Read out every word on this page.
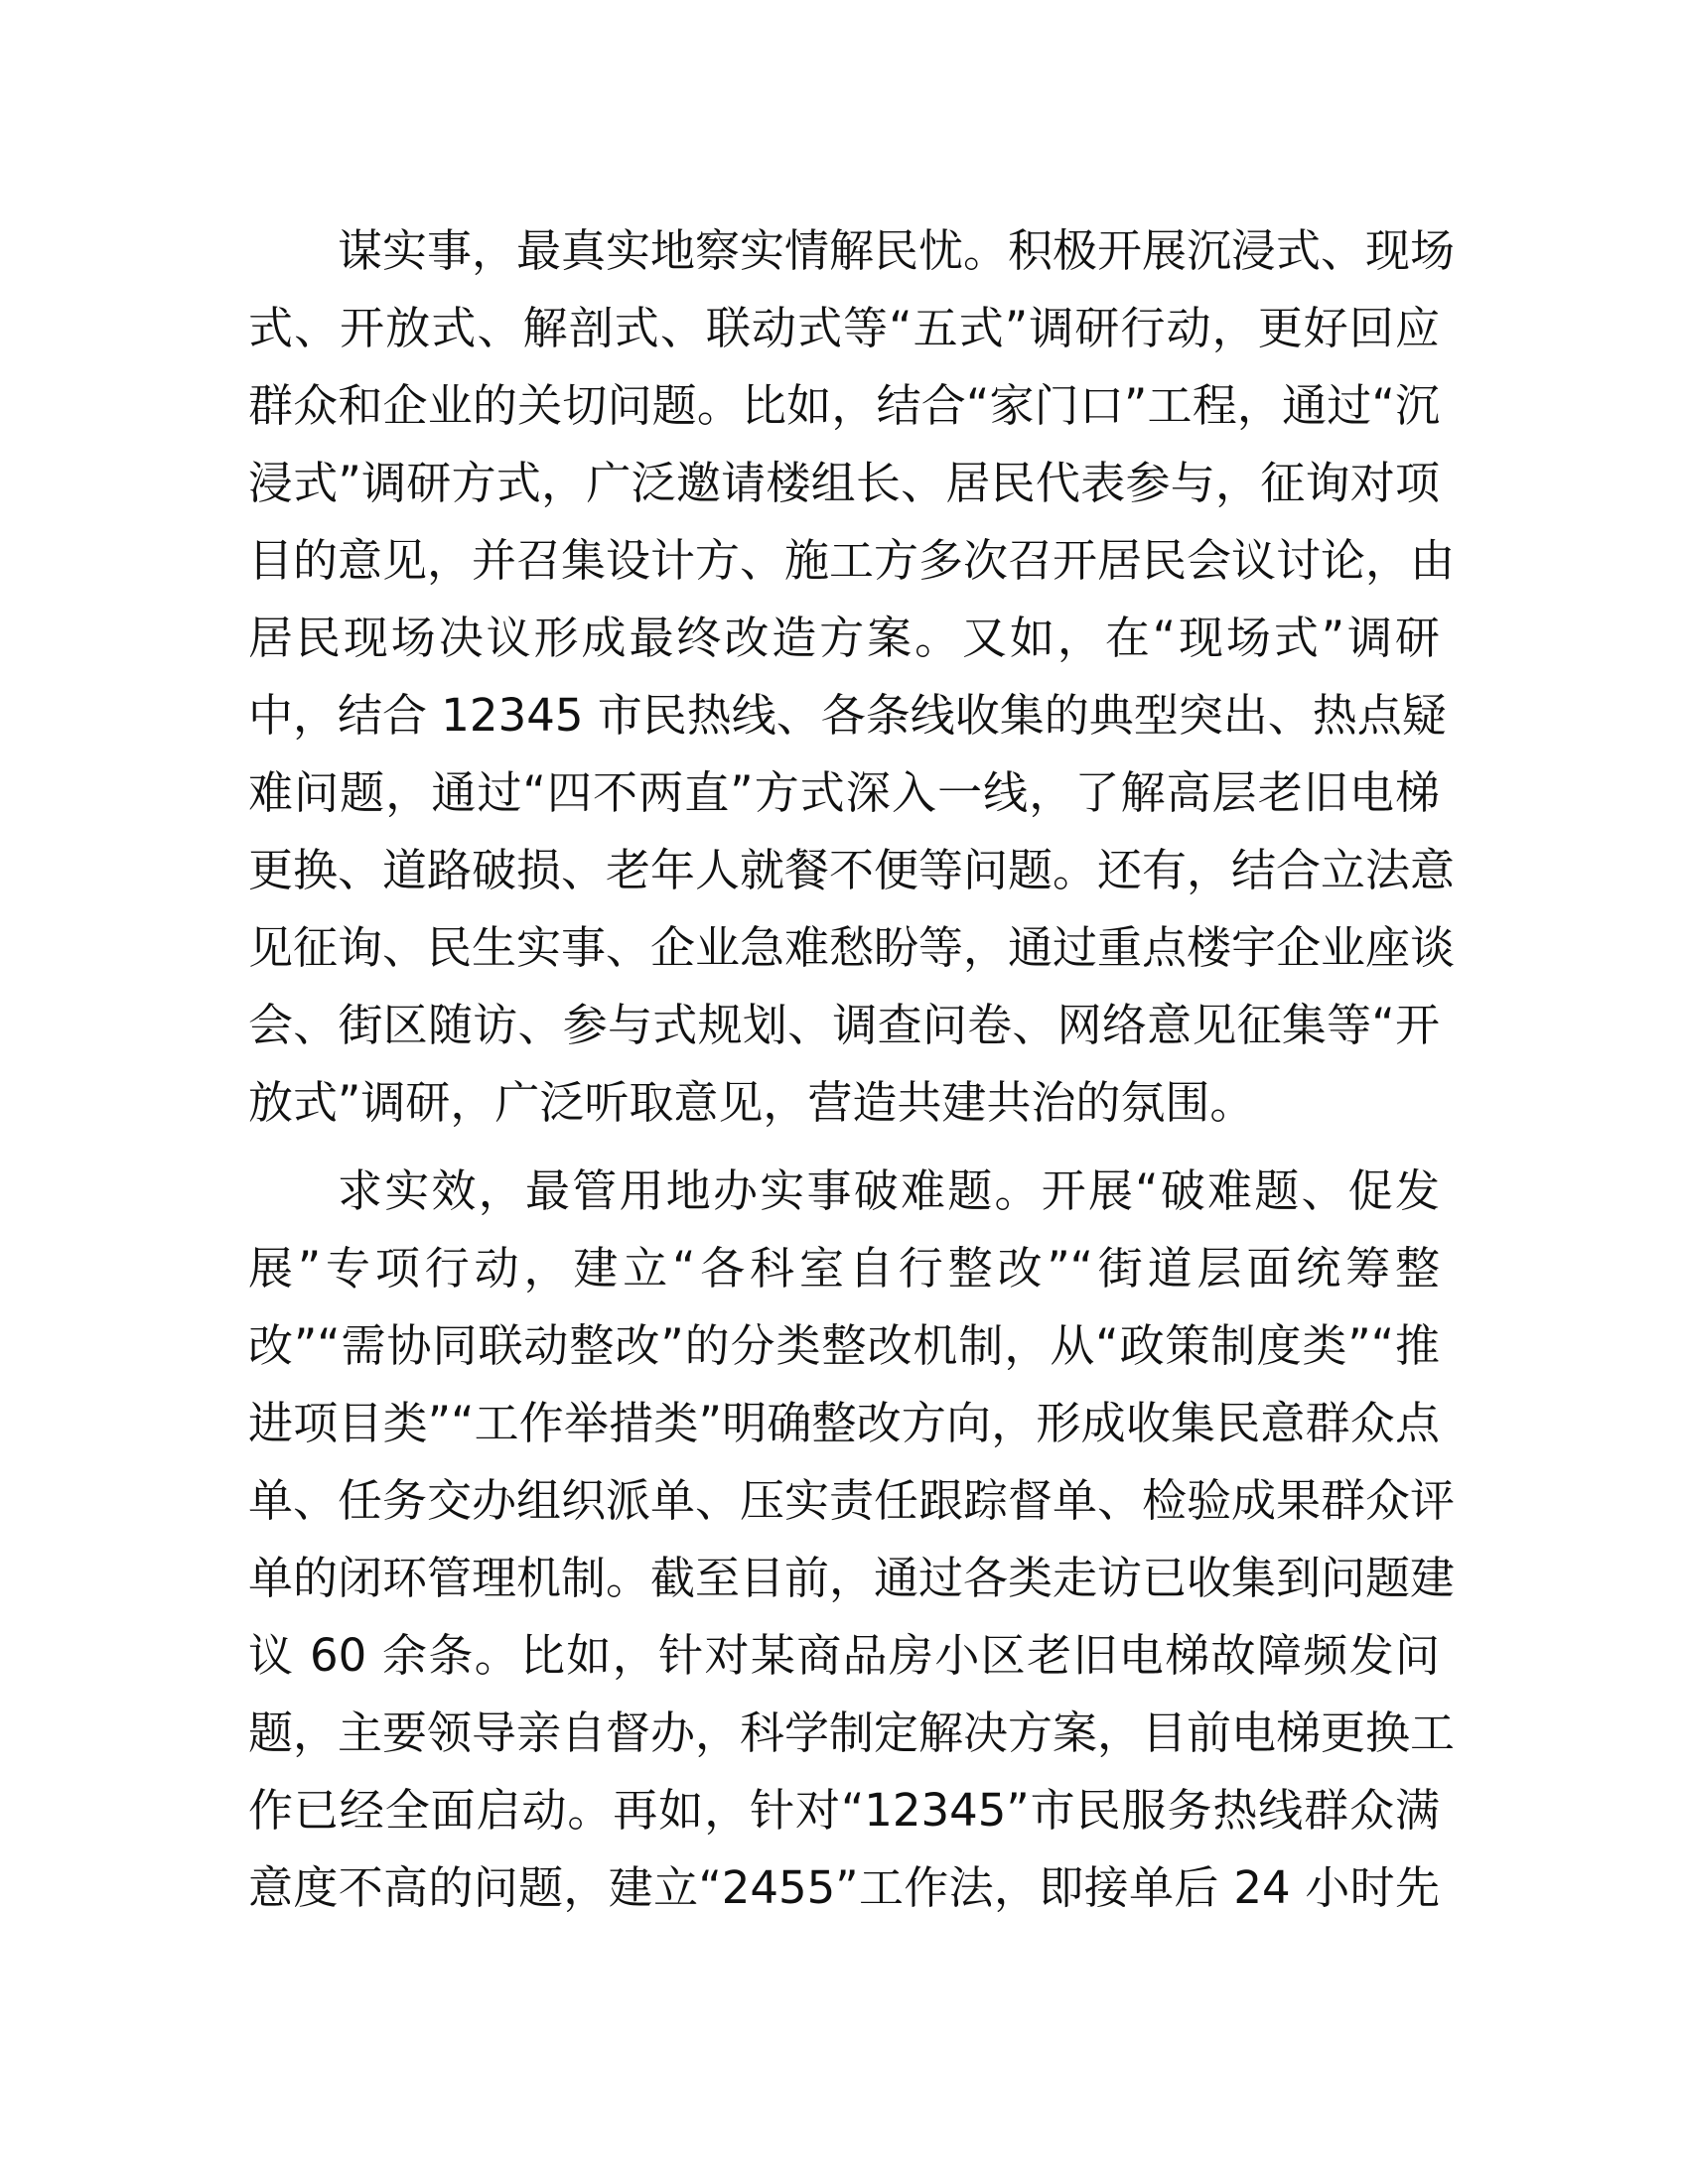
谋实事，最真实地察实情解民忧。积极开展沉浸式、现场
式、开放式、解剖式、联动式等“五式”调研行动，更好回应
群众和企业的关切问题。比如，结合“家门口”工程，通过“沉
浸式”调研方式，广泛邀请楼组长、居民代表参与，征询对项
目的意见，并召集设计方、施工方多次召开居民会议讨论，由
居民现场决议形成最终改造方案。又如，在“现场式”调研
中，结合 12345 市民热线、各条线收集的典型突出、热点疑
难问题，通过“四不两直”方式深入一线，了解高层老旧电梯
更换、道路破损、老年人就餐不便等问题。还有，结合立法意
见征询、民生实事、企业急难愁盼等，通过重点楼宇企业座谈
会、街区随访、参与式规划、调查问卷、网络意见征集等“开
放式”调研，广泛听取意见，营造共建共治的氛围。
求实效，最管用地办实事破难题。开展“破难题、促发
展”专项行动，建立“各科室自行整改”“街道层面统筹整
改”“需协同联动整改”的分类整改机制，从“政策制度类”“推
进项目类”“工作举措类”明确整改方向，形成收集民意群众点
单、任务交办组织派单、压实责任跟踪督单、检验成果群众评
单的闭环管理机制。截至目前，通过各类走访已收集到问题建
议 60 余条。比如，针对某商品房小区老旧电梯故障频发问
题，主要领导亲自督办，科学制定解决方案，目前电梯更换工
作已经全面启动。再如，针对“12345”市民服务热线群众满
意度不高的问题，建立“2455”工作法，即接单后 24 小时先
